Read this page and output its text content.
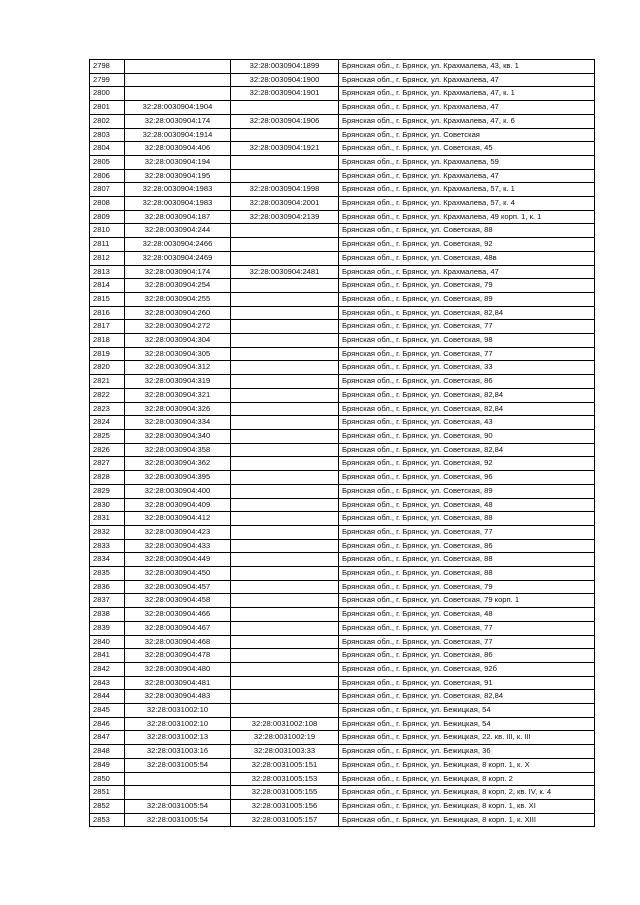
2798		32:28:0030904:1899	Брянская обл., г. Брянск, ул. Крахмалева, 43, кв. 1
2799		32:28:0030904:1900	Брянская обл., г. Брянск, ул. Крахмалева, 47
2800		32:28:0030904:1901	Брянская обл., г. Брянск, ул. Крахмалева, 47, к. 1
2801	32:28:0030904:1904		Брянская обл., г. Брянск, ул. Крахмалева, 47
2802	32:28:0030904:174	32:28:0030904:1906	Брянская обл., г. Брянск, ул. Крахмалева, 47, к. 6
2803	32:28:0030904:1914		Брянская обл., г. Брянск, ул. Советская
2804	32:28:0030904:406	32:28:0030904:1921	Брянская обл., г. Брянск, ул. Советская, 45
2805	32:28:0030904:194		Брянская обл., г. Брянск, ул. Крахмалева, 59
2806	32:28:0030904:195		Брянская обл., г. Брянск, ул. Крахмалева, 47
2807	32:28:0030904:1983	32:28:0030904:1998	Брянская обл., г. Брянск, ул. Крахмалева, 57, к. 1
2808	32:28:0030904:1983	32:28:0030904:2001	Брянская обл., г. Брянск, ул. Крахмалева, 57, к. 4
2809	32:28:0030904:187	32:28:0030904:2139	Брянская обл., г. Брянск, ул. Крахмалева, 49 корп. 1, к. 1
2810	32:28:0030904:244		Брянская обл., г. Брянск, ул. Советская, 88
2811	32:28:0030904:2466		Брянская обл., г. Брянск, ул. Советская, 92
2812	32:28:0030904:2469		Брянская обл., г. Брянск, ул. Советская, 48в
2813	32:28:0030904:174	32:28:0030904:2481	Брянская обл., г. Брянск, ул. Крахмалева, 47
2814	32:28:0030904:254		Брянская обл., г. Брянск, ул. Советская, 79
2815	32:28:0030904:255		Брянская обл., г. Брянск, ул. Советская, 89
2816	32:28:0030904:260		Брянская обл., г. Брянск, ул. Советская, 82,84
2817	32:28:0030904:272		Брянская обл., г. Брянск, ул. Советская, 77
2818	32:28:0030904:304		Брянская обл., г. Брянск, ул. Советская, 98
2819	32:28:0030904:305		Брянская обл., г. Брянск, ул. Советская, 77
2820	32:28:0030904:312		Брянская обл., г. Брянск, ул. Советская, 33
2821	32:28:0030904:319		Брянская обл., г. Брянск, ул. Советская, 86
2822	32:28:0030904:321		Брянская обл., г. Брянск, ул. Советская, 82,84
2823	32:28:0030904:326		Брянская обл., г. Брянск, ул. Советская, 82,84
2824	32:28:0030904:334		Брянская обл., г. Брянск, ул. Советская, 43
2825	32:28:0030904:340		Брянская обл., г. Брянск, ул. Советская, 90
2826	32:28:0030904:358		Брянская обл., г. Брянск, ул. Советская, 82,84
2827	32:28:0030904:362		Брянская обл., г. Брянск, ул. Советская, 92
2828	32:28:0030904:395		Брянская обл., г. Брянск, ул. Советская, 96
2829	32:28:0030904:400		Брянская обл., г. Брянск, ул. Советская, 89
2830	32:28:0030904:409		Брянская обл., г. Брянск, ул. Советская, 48
2831	32:28:0030904:412		Брянская обл., г. Брянск, ул. Советская, 88
2832	32:28:0030904:423		Брянская обл., г. Брянск, ул. Советская, 77
2833	32:28:0030904:433		Брянская обл., г. Брянск, ул. Советская, 86
2834	32:28:0030904:449		Брянская обл., г. Брянск, ул. Советская, 88
2835	32:28:0030904:450		Брянская обл., г. Брянск, ул. Советская, 88
2836	32:28:0030904:457		Брянская обл., г. Брянск, ул. Советская, 79
2837	32:28:0030904:458		Брянская обл., г. Брянск, ул. Советская, 79 корп. 1
2838	32:28:0030904:466		Брянская обл., г. Брянск, ул. Советская, 48
2839	32:28:0030904:467		Брянская обл., г. Брянск, ул. Советская, 77
2840	32:28:0030904:468		Брянская обл., г. Брянск, ул. Советская, 77
2841	32:28:0030904:478		Брянская обл., г. Брянск, ул. Советская, 86
2842	32:28:0030904:480		Брянская обл., г. Брянск, ул. Советская, 92б
2843	32:28:0030904:481		Брянская обл., г. Брянск, ул. Советская, 91
2844	32:28:0030904:483		Брянская обл., г. Брянск, ул. Советская, 82,84
2845	32:28:0031002:10		Брянская обл., г. Брянск, ул. Бежицкая, 54
2846	32:28:0031002:10	32:28:0031002:108	Брянская обл., г. Брянск, ул. Бежицкая, 54
2847	32:28:0031002:13	32:28:0031002:19	Брянская обл., г. Брянск, ул. Бежицкая, 22. кв. III, к. III
2848	32:28:0031003:16	32:28:0031003:33	Брянская обл., г. Брянск, ул. Бежицкая, 36
2849	32:28:0031005:54	32:28:0031005:151	Брянская обл., г. Брянск, ул. Бежицкая, 8 корп. 1, к. X
2850		32:28:0031005:153	Брянская обл., г. Брянск, ул. Бежицкая, 8 корп. 2
2851		32:28:0031005:155	Брянская обл., г. Брянск, ул. Бежицкая, 8 корп. 2, кв. IV, к. 4
2852	32:28:0031005:54	32:28:0031005:156	Брянская обл., г. Брянск, ул. Бежицкая, 8 корп. 1, кв. XI
2853	32:28:0031005:54	32:28:0031005:157	Брянская обл., г. Брянск, ул. Бежицкая, 8 корп. 1, к. XIII
